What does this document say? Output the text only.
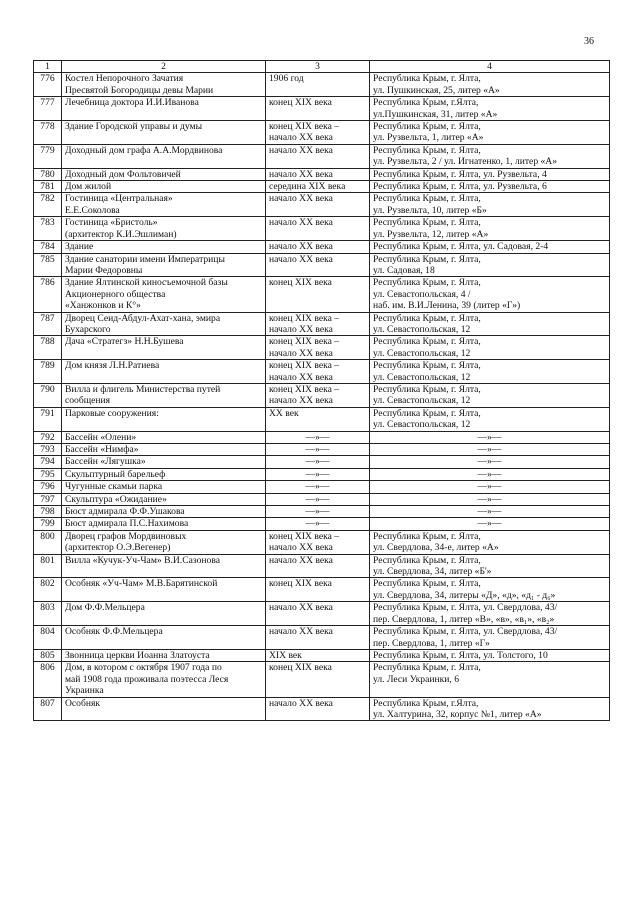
36
1	2	3	4
776	Костел Непорочного Зачатия
Пресвятой Богородицы девы Марии	1906 год	Республика Крым, г. Ялта,
ул. Пушкинская, 25, литер «А»
777	Лечебница доктора И.И.Иванова	конец XIX века	Республика Крым, г.Ялта,
ул.Пушкинская, 31, литер «А»
778	Здание Городской управы и думы	конец XIX века –
начало XX века	Республика Крым, г. Ялта,
ул. Рузвельта, 1, литер «А»
779	Доходный дом графа А.А.Мордвинова	начало XX века	Республика Крым, г. Ялта,
ул. Рузвельта, 2 / ул. Игнатенко, 1, литер «А»
780	Доходный дом Фольтовичей	начало XX века	Республика Крым, г. Ялта, ул. Рузвельта, 4
781	Дом жилой	середина XIX века	Республика Крым, г. Ялта, ул. Рузвельта, 6
782	Гостиница «Центральная»
Е.Е.Соколова	начало XX века	Республика Крым, г. Ялта,
ул. Рузвельта, 10, литер «Б»
783	Гостиница «Бристоль»
(архитектор К.И.Эшлиман)	начало XX века	Республика Крым, г. Ялта,
ул. Рузвельта, 12, литер «А»
784	Здание	начало XX века	Республика Крым, г. Ялта, ул. Садовая, 2-4
785	Здание санатории имени Императрицы
Марии Федоровны	начало XX века	Республика Крым, г. Ялта,
ул. Садовая, 18
786	Здание Ялтинской киносъемочной базы
Акционерного общества
«Ханжонков и К°»	конец XIX века	Республика Крым, г. Ялта,
ул. Севастопольская, 4 /
наб. им. В.И.Ленина, 39 (литер «Г»)
787	Дворец Сеид-Абдул-Ахат-хана, эмира
Бухарского	конец XIX века –
начало XX века	Республика Крым, г. Ялта,
ул. Севастопольская, 12
788	Дача «Стратегз» Н.Н.Бушева	конец XIX века –
начало XX века	Республика Крым, г. Ялта,
ул. Севастопольская, 12
789	Дом князя Л.Н.Ратиева	конец XIX века –
начало XX века	Республика Крым, г. Ялта,
ул. Севастопольская, 12
790	Вилла и флигель Министерства путей
сообщения	конец XIX века –
начало XX века	Республика Крым, г. Ялта,
ул. Севастопольская, 12
791	Парковые сооружения:	XX век	Республика Крым, г. Ялта,
ул. Севастопольская, 12
792	Бассейн «Олени»	—»—	—»—
793	Бассейн «Нимфа»	—»—	—»—
794	Бассейн «Лягушка»	—»—	—»—
795	Скульптурный барельеф	—»—	—»—
796	Чугунные скамьи парка	—»—	—»—
797	Скульптура «Ожидание»	—»—	—»—
798	Бюст адмирала Ф.Ф.Ушакова	—»—	—»—
799	Бюст адмирала П.С.Нахимова	—»—	—»—
800	Дворец графов Мордвиновых
(архитектор О.Э.Вегенер)	конец XIX века –
начало XX века	Республика Крым, г. Ялта,
ул. Свердлова, 34-е, литер «А»
801	Вилла «Кучук-Уч-Чам» В.И.Сазонова	начало XX века	Республика Крым, г. Ялта,
ул. Свердлова, 34, литер «Б'»
802	Особняк «Уч-Чам» М.В.Барятинской	конец XIX века	Республика Крым, г. Ялта,
ул. Свердлова, 34, литеры «Д», «д», «д₁ - д₆»
803	Дом Ф.Ф.Мельцера	начало XX века	Республика Крым, г. Ялта, ул. Свердлова, 43/
пер. Свердлова, 1, литер «В», «в», «в₁», «в₂»
804	Особняк Ф.Ф.Мельцера	начало XX века	Республика Крым, г. Ялта, ул. Свердлова, 43/
пер. Свердлова, 1, литер «Г»
805	Звонница церкви Иоанна Златоуста	XIX век	Республика Крым, г. Ялта, ул. Толстого, 10
806	Дом, в котором с октября 1907 года по
май 1908 года проживала поэтесса Леся
Украинка	конец XIX века	Республика Крым, г. Ялта,
ул. Леси Украинки, 6
807	Особняк	начало XX века	Республика Крым, г.Ялта,
ул. Халтурина, 32, корпус №1, литер «А»
